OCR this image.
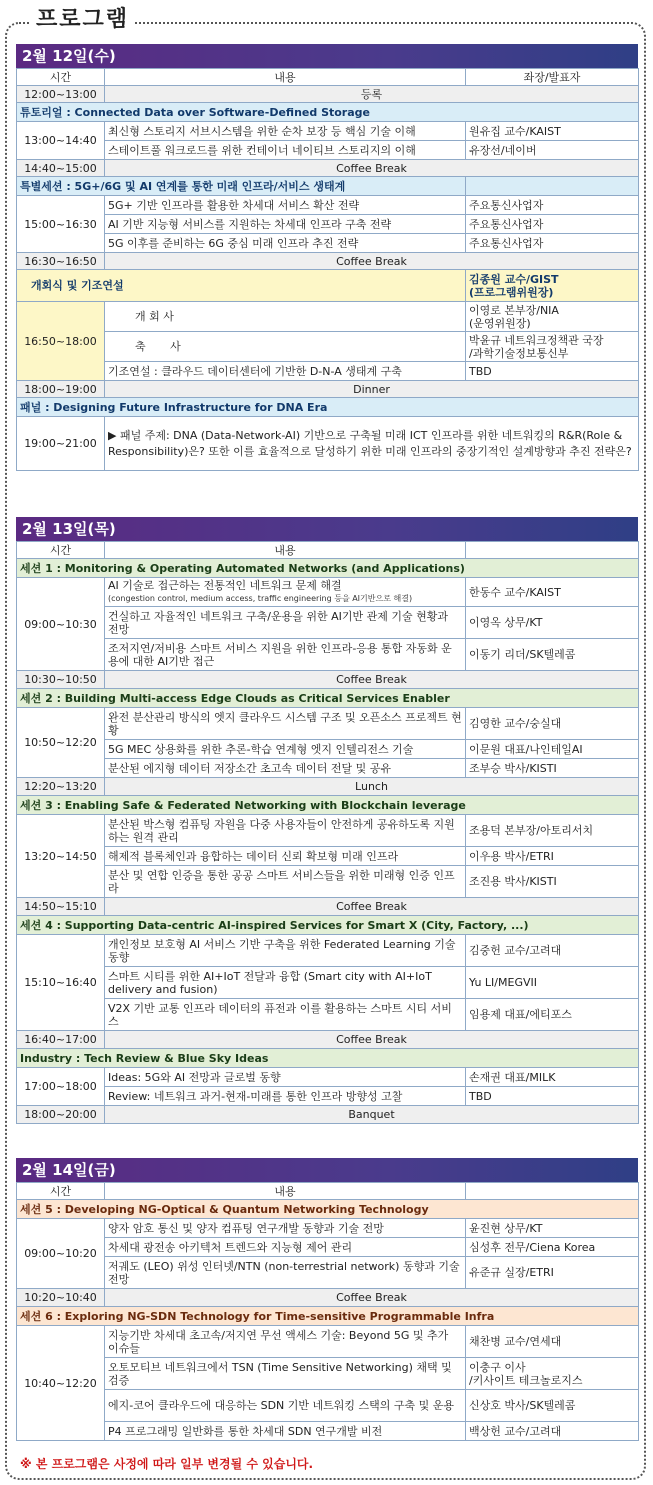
프로그램
2월 12일(수)
시간	내용	좌장/발표자
12:00~13:00	등록	
튜토리얼 : Connected Data over Software-Defined Storage		
13:00~14:40	최신형 스토리지 서브시스템을 위한 순차 보장 등 핵심 기술 이해	원유집 교수/KAIST
	스테이트풀 워크로드를 위한 컨테이너 네이티브 스토리지의 이해	유장선/네이버
14:40~15:00	Coffee Break	
특별세션 : 5G+/6G 및 AI 연계를 통한 미래 인프라/서비스 생태계		
15:00~16:30	5G+ 기반 인프라를 활용한 차세대 서비스 확산 전략	주요통신사업자
	AI 기반 지능형 서비스를 지원하는 차세대 인프라 구축 전략	주요통신사업자
	5G 이후를 준비하는 6G 중심 미래 인프라 추진 전략	주요통신사업자
16:30~16:50	Coffee Break	
개회식 및 기조연설		김종원 교수/GIST
(프로그램위원장)

16:50~18:00	개 회 사	이영로 본부장/NIA
(운영위원장)

	축       사	박윤규 네트워크정책관 국장
/과학기술정보통신부

	기조연설 : 클라우드 데이터센터에 기반한 D-N-A 생태계 구축	TBD
18:00~19:00	Dinner	
패널 : Designing Future Infrastructure for DNA Era		
19:00~21:00	▶ 패널 주제: DNA (Data-Network-AI) 기반으로 구축될 미래 ICT 인프라를 위한 네트워킹의 R&R(Role & Responsibility)은? 또한 이를 효율적으로 달성하기 위한 미래 인프라의 중장기적인 설계방향과 추진 전략은?	
2월 13일(목)
시간	내용	
세션 1 : Monitoring & Operating Automated Networks (and Applications)		
09:00~10:30	AI 기술로 접근하는 전통적인 네트워크 문제 해결
(congestion control, medium access, traffic engineering 등을 AI기반으로 해결)	한동수 교수/KAIST
	건실하고 자율적인 네트워크 구축/운용을 위한 AI기반 관제 기술 현황과 전망	이영옥 상무/KT
	조저지연/저비용 스마트 서비스 지원을 위한 인프라-응용 통합 자동화 운용에 대한 AI기반 접근	이동기 리더/SK텔레콤
10:30~10:50	Coffee Break	
세션 2 : Building Multi-access Edge Clouds as Critical Services Enabler		
10:50~12:20	완전 분산관리 방식의 엣지 클라우드 시스템 구조 및 오픈소스 프로젝트 현황	김영한 교수/숭실대
	5G MEC 상용화를 위한 추론-학습 연계형 엣지 인텔리전스 기술	이문원 대표/나인테일AI
	분산된 에지형 데이터 저장소간 초고속 데이터 전달 및 공유	조부승 박사/KISTI
12:20~13:20	Lunch	
세션 3 : Enabling Safe & Federated Networking with Blockchain leverage		
13:20~14:50	분산된 박스형 컴퓨팅 자원을 다중 사용자들이 안전하게 공유하도록 지원하는 원격 관리	조용덕 본부장/아토리서치
	해제적 블록체인과 융합하는 데이터 신뢰 확보형 미래 인프라	이우용 박사/ETRI
	분산 및 연합 인증을 통한 공공 스마트 서비스들을 위한 미래형 인증 인프라	조진용 박사/KISTI
14:50~15:10	Coffee Break	
세션 4 : Supporting Data-centric AI-inspired Services for Smart X (City, Factory, ...)		
15:10~16:40	개인정보 보호형 AI 서비스 기반 구축을 위한 Federated Learning 기술 동향	김중헌 교수/고려대
	스마트 시티를 위한 AI+IoT 전달과 융합 (Smart city with AI+IoT delivery and fusion)	Yu LI/MEGVII
	V2X 기반 교통 인프라 데이터의 퓨전과 이를 활용하는 스마트 시티 서비스	임용제 대표/에티포스
16:40~17:00	Coffee Break	
Industry : Tech Review & Blue Sky Ideas		
17:00~18:00	Ideas: 5G와 AI 전망과 글로벌 동향	손재권 대표/MILK
	Review: 네트워크 과거-현재-미래를 통한 인프라 방향성 고찰	TBD
18:00~20:00	Banquet	
2월 14일(금)
시간	내용	
세션 5 : Developing NG-Optical & Quantum Networking Technology		
09:00~10:20	양자 암호 통신 및 양자 컴퓨팅 연구개발 동향과 기술 전망	윤진현 상무/KT
	차세대 광전송 아키텍처 트렌드와 지능형 제어 관리	심성후 전무/Ciena Korea
	저궤도 (LEO) 위성 인터넷/NTN (non-terrestrial network) 동향과 기술 전망	유준규 실장/ETRI
10:20~10:40	Coffee Break	
세션 6 : Exploring NG-SDN Technology for Time-sensitive Programmable Infra		
10:40~12:20	지능기반 차세대 초고속/저지연 무선 액세스 기술: Beyond 5G 및 추가 이슈들	채찬병 교수/연세대
	오토모티브 네트워크에서 TSN (Time Sensitive Networking) 채택 및 검증	이충구 이사
/키사이트 테크놀로지스

	에지-코어 클라우드에 대응하는 SDN 기반 네트워킹 스택의 구축 및 운용	신상호 박사/SK텔레콤
	P4 프로그래밍 일반화를 통한 차세대 SDN 연구개발 비전	백상헌 교수/고려대
※ 본 프로그램은 사정에 따라 일부 변경될 수 있습니다.
